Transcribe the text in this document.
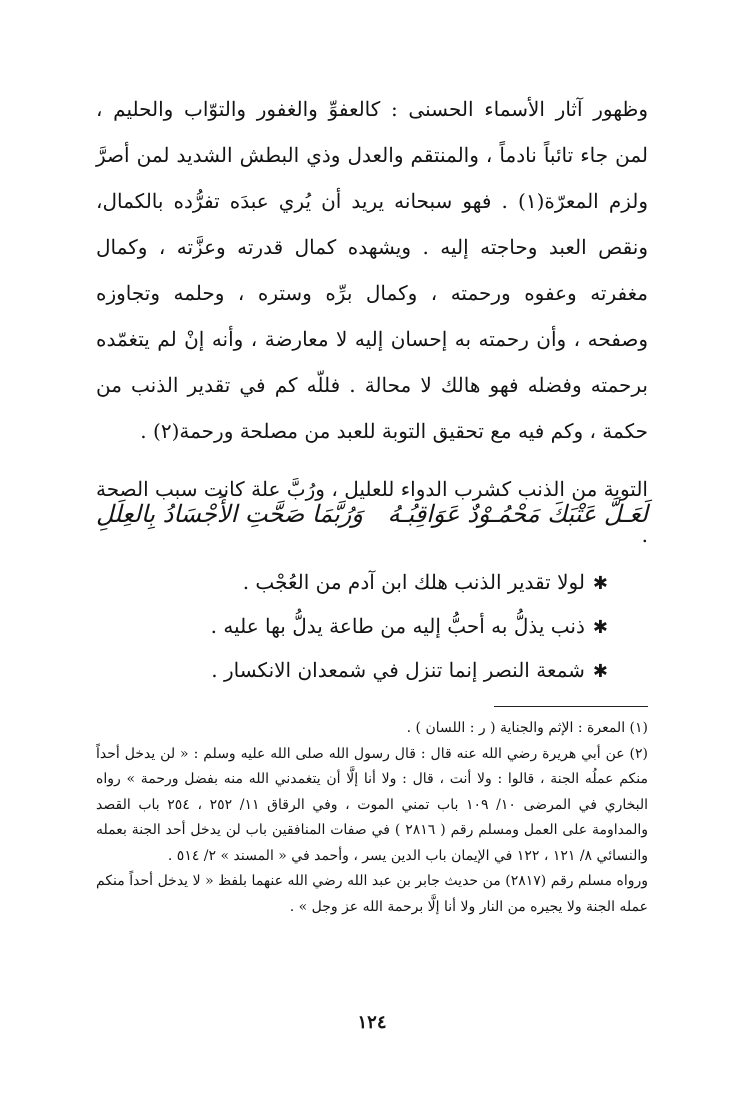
وظهور آثار الأسماء الحسنى : كالعفوِّ والغفور والتوّاب والحليم ، لمن جاء تائباً نادماً ، والمنتقم والعدل وذي البطش الشديد لمن أصرَّ ولزم المعرّة(١) . فهو سبحانه يريد أن يُري عبدَه تفرُّده بالكمال، ونقص العبد وحاجته إليه . ويشهده كمال قدرته وعزَّته ، وكمال مغفرته وعفوه ورحمته ، وكمال برِّه وستره ، وحلمه وتجاوزه وصفحه ، وأن رحمته به إحسان إليه لا معارضة ، وأنه إنْ لم يتغمّده برحمته وفضله فهو هالك لا محالة . فللّه كم في تقدير الذنب من حكمة ، وكم فيه مع تحقيق التوبة للعبد من مصلحة ورحمة(٢) .

التوبة من الذنب كشرب الدواء للعليل ، ورُبَّ علة كانت سبب الصحة .

لَعَـلَّ عَتْبَكَ مَحْمُـوْدٌ عَوَاقِبُـهُ
وَرُبَّمَا صَحَّتِ الأَجْسَادُ بِالعِلَلِ
✱لولا تقدير الذنب هلك ابن آدم من العُجْب .
✱ذنب يذلُّ به أحبُّ إليه من طاعة يدلُّ بها عليه .
✱شمعة النصر إنما تنزل في شمعدان الانكسار .

(١) المعرة : الإثم والجناية ( ر : اللسان ) .

(٢) عن أبي هريرة رضي الله عنه قال : قال رسول الله صلى الله عليه وسلم : « لن يدخل أحداً منكم عملُه الجنة ، قالوا : ولا أنت ، قال : ولا أنا إلَّا أن يتغمدني الله منه بفضل ورحمة » رواه البخاري في المرضى ١٠/ ١٠٩ باب تمني الموت ، وفي الرقاق ١١/ ٢٥٢ ، ٢٥٤ باب القصد والمداومة على العمل ومسلم رقم ( ٢٨١٦ ) في صفات المنافقين باب لن يدخل أحد الجنة بعمله والنسائي ٨/ ١٢١ ، ١٢٢ في الإيمان باب الدين يسر ، وأحمد في « المسند » ٢/ ٥١٤ .

ورواه مسلم رقم (٢٨١٧) من حديث جابر بن عبد الله رضي الله عنهما بلفظ « لا يدخل أحداً منكم عمله الجنة ولا يجيره من النار ولا أنا إلَّا برحمة الله عز وجل » .

١٢٤
